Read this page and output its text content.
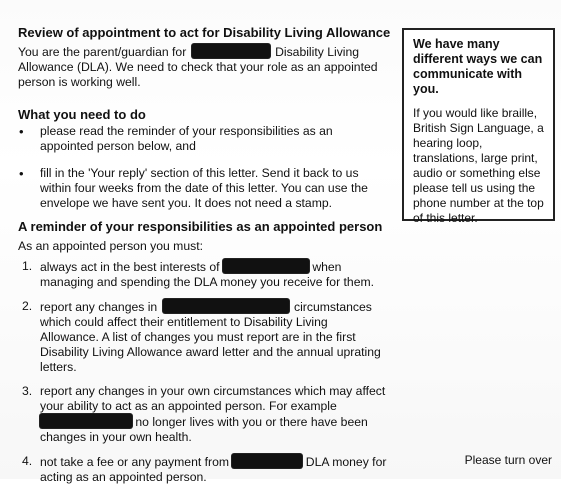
Review of appointment to act for Disability Living Allowance
You are the parent/guardian for	Disability Living Allowance (DLA). We need to check that your role as an appointed person is working well.
What you need to do
• please read the reminder of your responsibilities as an appointed person below, and
• fill in the 'Your reply' section of this letter. Send it back to us within four weeks from the date of this letter. You can use the envelope we have sent you. It does not need a stamp.
A reminder of your responsibilities as an appointed person
As an appointed person you must:
1. always act in the best interests of	when managing and spending the DLA money you receive for them.
2. report any changes in	circumstances which could affect their entitlement to Disability Living Allowance. A list of changes you must report are in the first Disability Living Allowance award letter and the annual uprating letters.
3. report any changes in your own circumstances which may affect your ability to act as an appointed person. For example  no longer lives with you or there have been changes in your own health.
4. not take a fee or any payment from	DLA money for acting as an appointed person.
We have many different ways we can communicate with you.
If you would like braille, British Sign Language, a hearing loop, translations, large print, audio or something else please tell us using the phone number at the top of this letter.
Please turn over
